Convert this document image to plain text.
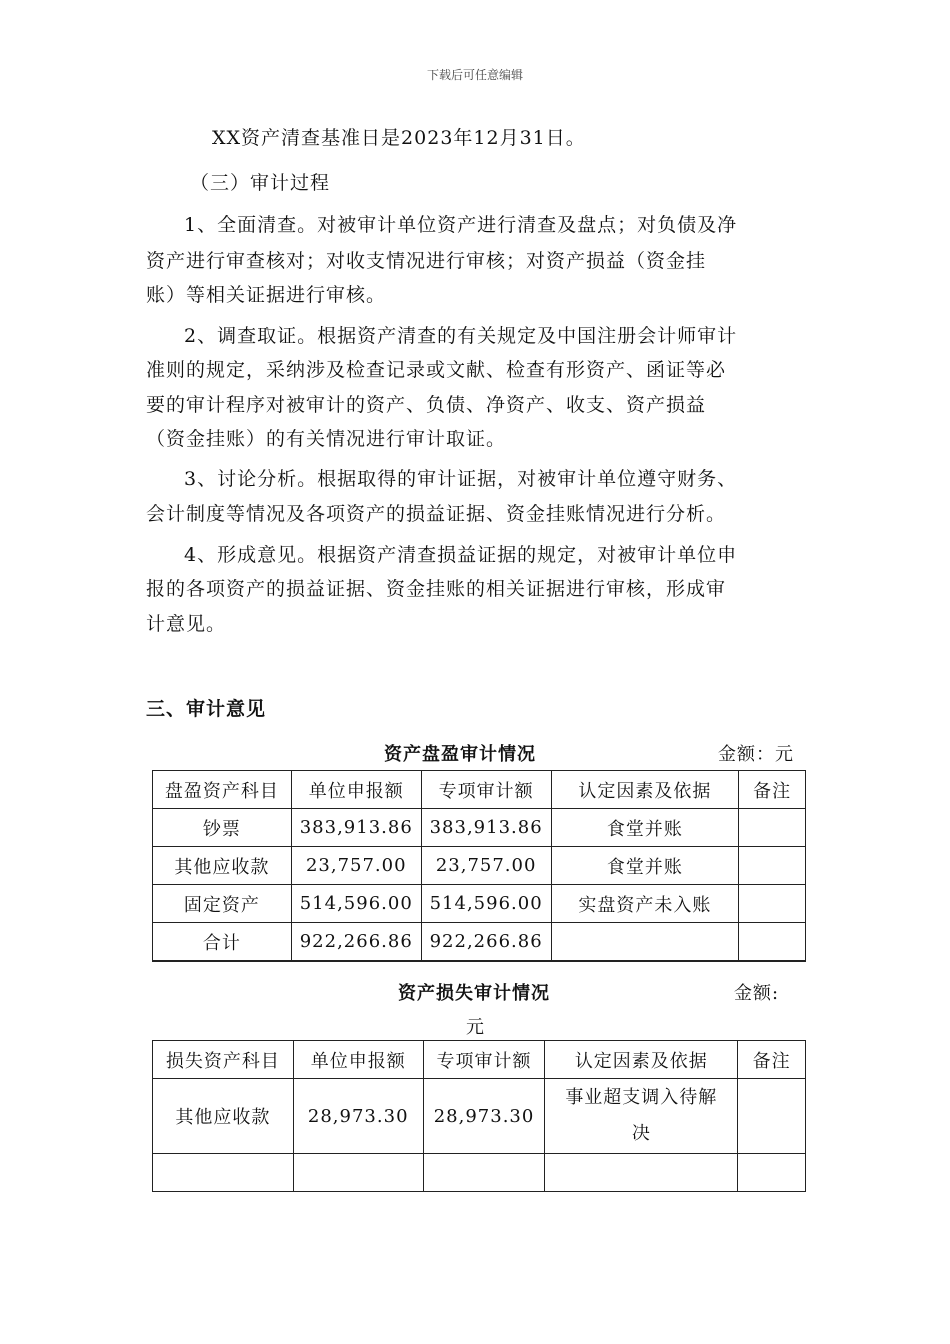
下载后可任意编辑
XX资产清查基准日是2023年12月31日。
（三）审计过程
1、全面清查。对被审计单位资产进行清查及盘点；对负债及净
资产进行审查核对；对收支情况进行审核；对资产损益（资金挂
账）等相关证据进行审核。
2、调查取证。根据资产清查的有关规定及中国注册会计师审计
准则的规定，采纳涉及检查记录或文献、检查有形资产、函证等必
要的审计程序对被审计的资产、负债、净资产、收支、资产损益
（资金挂账）的有关情况进行审计取证。
3、讨论分析。根据取得的审计证据，对被审计单位遵守财务、
会计制度等情况及各项资产的损益证据、资金挂账情况进行分析。
4、形成意见。根据资产清查损益证据的规定，对被审计单位申
报的各项资产的损益证据、资金挂账的相关证据进行审核，形成审
计意见。
三、审计意见
资产盘盈审计情况	金额：元
盘盈资产科目	单位申报额	专项审计额	认定因素及依据	备注
钞票	383,913.86	383,913.86	食堂并账	
其他应收款	23,757.00	23,757.00	食堂并账	
固定资产	514,596.00	514,596.00	实盘资产未入账	
合计	922,266.86	922,266.86		
资产损失审计情况	金额:
元
损失资产科目	单位申报额	专项审计额	认定因素及依据	备注
其他应收款	28,973.30	28,973.30	事业超支调入待解
决	
